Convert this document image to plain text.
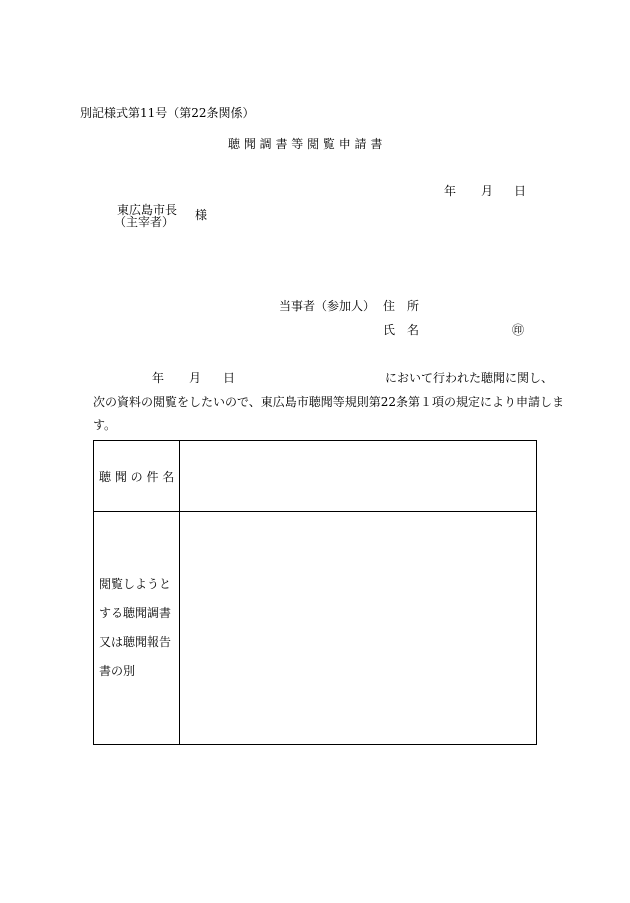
別記様式第11号（第22条関係）
聴 聞 調 書 等 閲 覧 申 請 書
年 月 日
東広島市長
（主宰者） 様
当事者（参加人） 住　所
氏　名	㊞
年 月 日	において行われた聴聞に関し、
次の資料の閲覧をしたいので、東広島市聴聞等規則第22条第１項の規定により申請しま
す。
聴 聞 の 件 名	

閲覧しようと
する聴聞調書
又は聴聞報告
書の別	
